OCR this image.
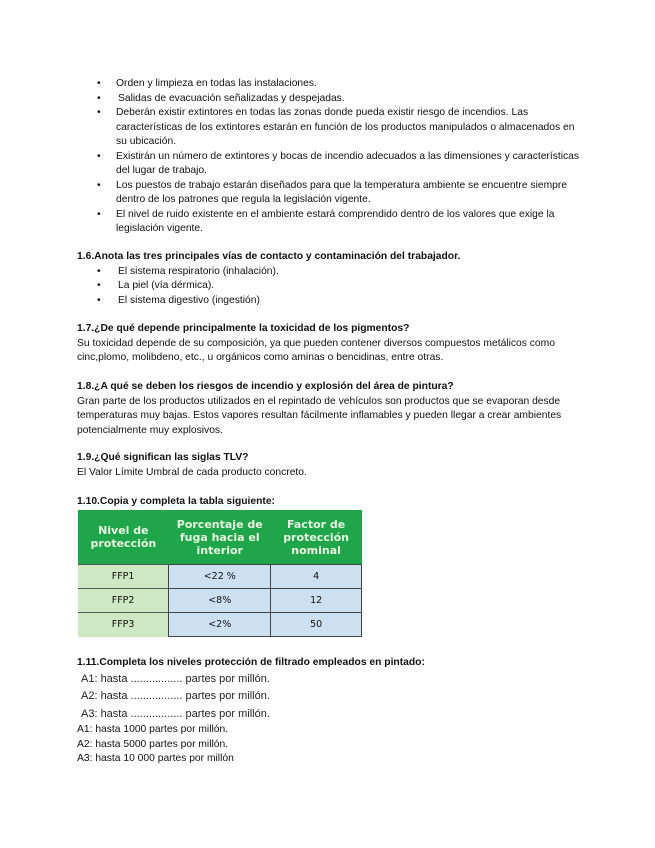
• Orden y limpieza en todas las instalaciones.
• Salidas de evacuación señalizadas y despejadas.
• Deberán existir extintores en todas las zonas donde pueda existir riesgo de incendios. Las características de los extintores estarán en función de los productos manipulados o almacenados en su ubicación.
• Existirán un número de extintores y bocas de incendio adecuados a las dimensiones y características del lugar de trabajo.
• Los puestos de trabajo estarán diseñados para que la temperatura ambiente se encuentre siempre dentro de los patrones que regula la legislación vigente.
• El nivel de ruido existente en el ambiente estará comprendido dentro de los valores que exige la legislación vigente.
1.6.Anota las tres principales vías de contacto y contaminación del trabajador.
• El sistema respiratorio (inhalación).
• La piel (vía dérmica).
• El sistema digestivo (ingestión)
1.7.¿De qué depende principalmente la toxicidad de los pigmentos?
Su toxicidad depende de su composición, ya que pueden contener diversos compuestos metálicos como cinc,plomo, molibdeno, etc., u orgánicos como aminas o bencidinas, entre otras.
1.8.¿A qué se deben los riesgos de incendio y explosión del área de pintura?
Gran parte de los productos utilizados en el repintado de vehículos son productos que se evaporan desde temperaturas muy bajas. Estos vapores resultan fácilmente inflamables y pueden llegar a crear ambientes potencialmente muy explosivos.
1.9.¿Qué significan las siglas TLV?
El Valor Límite Umbral de cada producto concreto.
1.10.Copia y completa la tabla siguiente:
Nivel de protección	Porcentaje de fuga hacia el interior	Factor de protección nominal
FFP1	<22 %	4
FFP2	<8%	12
FFP3	<2%	50
1.11.Completa los niveles protección de filtrado empleados en pintado:
A1: hasta ................. partes por millón.
A2: hasta ................. partes por millón.
A3: hasta ................. partes por millón.
A1: hasta 1000 partes por millón.
A2: hasta 5000 partes por millón.
A3: hasta 10 000 partes por millón
